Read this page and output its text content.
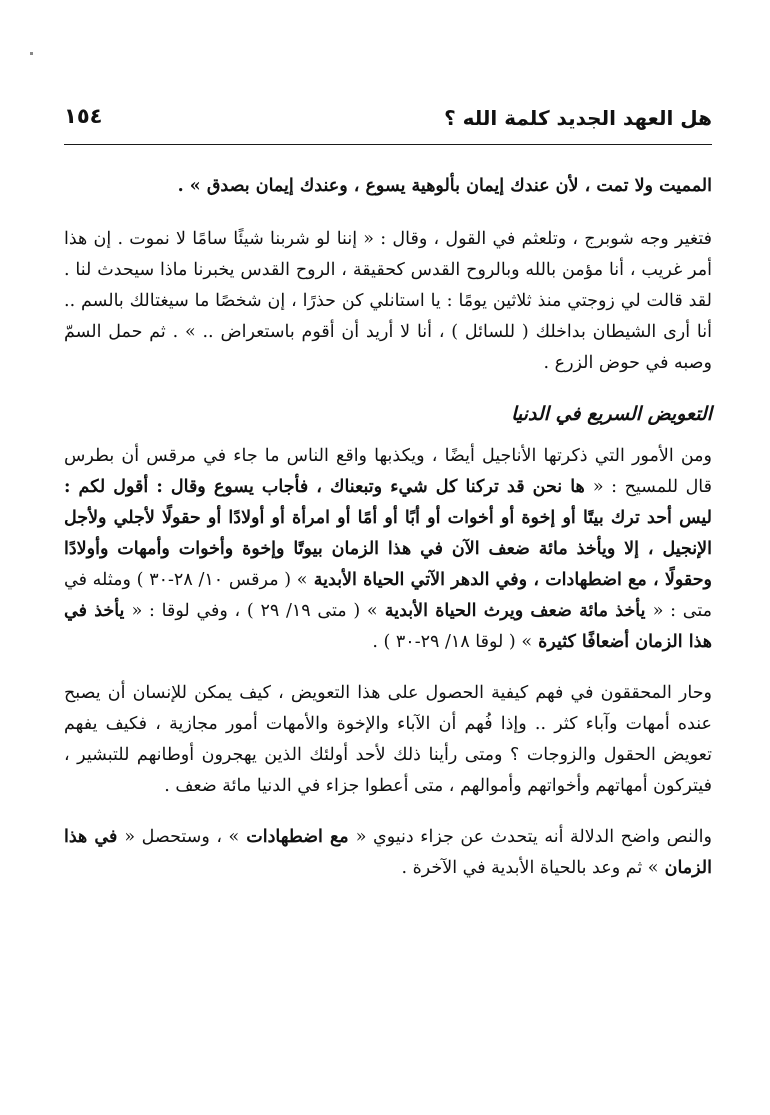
هل العهد الجديد كلمة الله ؟
١٥٤

المميت ولا تمت ، لأن عندك إيمان بألوهية يسوع ، وعندك إيمان بصدق » .

فتغير وجه شوبرج ، وتلعثم في القول ، وقال : « إننا لو شربنا شيئًا سامًا لا نموت . إن هذا أمر غريب ، أنا مؤمن بالله وبالروح القدس كحقيقة ، الروح القدس يخبرنا ماذا سيحدث لنا . لقد قالت لي زوجتي منذ ثلاثين يومًا : يا استانلي كن حذرًا ، إن شخصًا ما سيغتالك بالسم .. أنا أرى الشيطان بداخلك ( للسائل ) ، أنا لا أريد أن أقوم باستعراض .. » . ثم حمل السمّ وصبه في حوض الزرع .

التعويض السريع في الدنيا

ومن الأمور التي ذكرتها الأناجيل أيضًا ، ويكذبها واقع الناس ما جاء في مرقس أن بطرس قال للمسيح : « ها نحن قد تركنا كل شيء وتبعناك ، فأجاب يسوع وقال : أقول لكم : ليس أحد ترك بيتًا أو إخوة أو أخوات أو أبًا أو أمًا أو امرأة أو أولادًا أو حقولًا لأجلي ولأجل الإنجيل ، إلا ويأخذ مائة ضعف الآن في هذا الزمان بيوتًا وإخوة وأخوات وأمهات وأولادًا وحقولًا ، مع اضطهادات ، وفي الدهر الآتي الحياة الأبدية » ( مرقس ١٠/ ٢٨-٣٠ ) ومثله في متى : « يأخذ مائة ضعف ويرث الحياة الأبدية » ( متى ١٩/ ٢٩ ) ، وفي لوقا : « يأخذ في هذا الزمان أضعافًا كثيرة » ( لوقا ١٨/ ٢٩-٣٠ ) .

وحار المحققون في فهم كيفية الحصول على هذا التعويض ، كيف يمكن للإنسان أن يصبح عنده أمهات وآباء كثر .. وإذا فُهم أن الآباء والإخوة والأمهات أمور مجازية ، فكيف يفهم تعويض الحقول والزوجات ؟ ومتى رأينا ذلك لأحد أولئك الذين يهجرون أوطانهم للتبشير ، فيتركون أمهاتهم وأخواتهم وأموالهم ، متى أعطوا جزاء في الدنيا مائة ضعف .

والنص واضح الدلالة أنه يتحدث عن جزاء دنيوي « مع اضطهادات » ، وستحصل « في هذا الزمان » ثم وعد بالحياة الأبدية في الآخرة .
